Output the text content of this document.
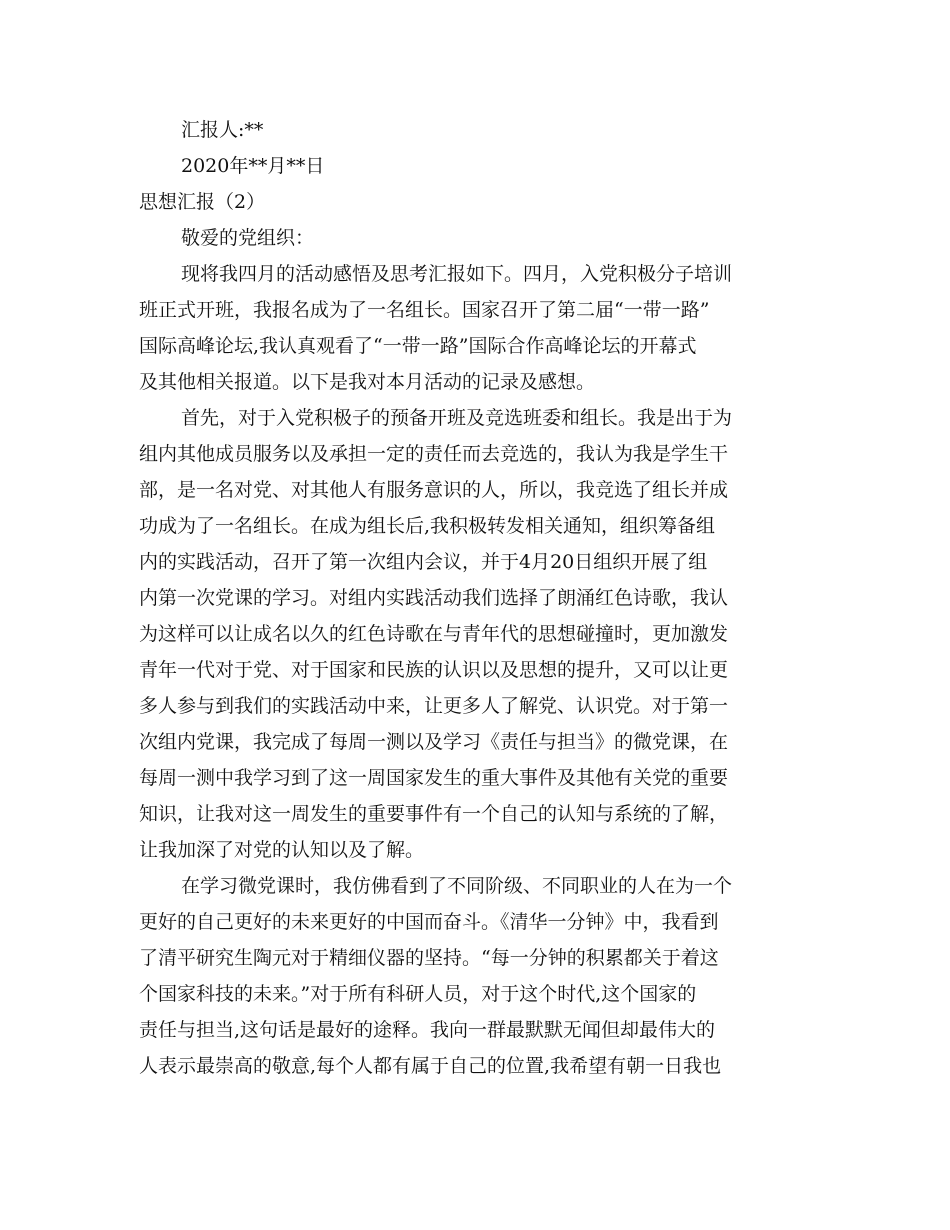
汇报人:**

2020年**月**日

思想汇报（2）

敬爱的党组织：

现将我四月的活动感悟及思考汇报如下。四月，入党积极分子培训

班正式开班，我报名成为了一名组长。国家召开了第二届“一带一路”

国际高峰论坛,我认真观看了“一带一路”国际合作高峰论坛的开幕式

及其他相关报道。以下是我对本月活动的记录及感想。

首先，对于入党积极子的预备开班及竞选班委和组长。我是出于为

组内其他成员服务以及承担一定的责任而去竞选的，我认为我是学生干

部，是一名对党、对其他人有服务意识的人，所以，我竞选了组长并成

功成为了一名组长。在成为组长后,我积极转发相关通知，组织筹备组

内的实践活动，召开了第一次组内会议，并于4月20日组织开展了组

内第一次党课的学习。对组内实践活动我们选择了朗涌红色诗歌，我认

为这样可以让成名以久的红色诗歌在与青年代的思想碰撞时，更加激发

青年一代对于党、对于国家和民族的认识以及思想的提升，又可以让更

多人参与到我们的实践活动中来，让更多人了解党、认识党。对于第一

次组内党课，我完成了每周一测以及学习《责任与担当》的微党课，在

每周一测中我学习到了这一周国家发生的重大事件及其他有关党的重要

知识，让我对这一周发生的重要事件有一个自己的认知与系统的了解，

让我加深了对党的认知以及了解。

在学习微党课时，我仿佛看到了不同阶级、不同职业的人在为一个

更好的自己更好的未来更好的中国而奋斗。《清华一分钟》中，我看到

了清平研究生陶元对于精细仪器的坚持。“每一分钟的积累都关于着这

个国家科技的未来。”对于所有科研人员，对于这个时代,这个国家的

责任与担当,这句话是最好的途释。我向一群最默默无闻但却最伟大的

人表示最崇高的敬意,每个人都有属于自己的位置,我希望有朝一日我也
